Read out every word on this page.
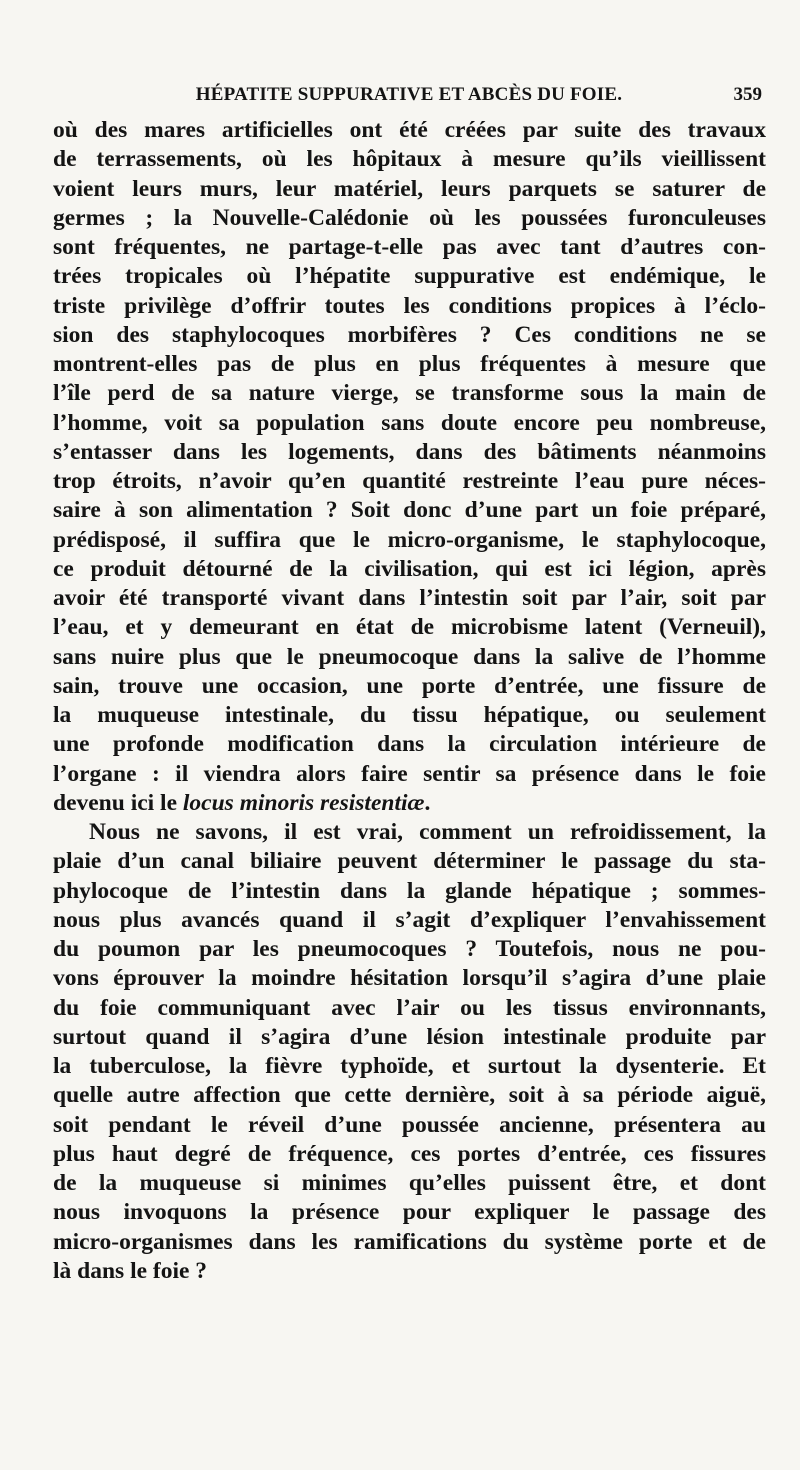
HÉPATITE SUPPURATIVE ET ABCÈS DU FOIE.	359
où des mares artificielles ont été créées par suite des travaux
de terrassements, où les hôpitaux à mesure qu’ils vieillissent
voient leurs murs, leur matériel, leurs parquets se saturer de
germes ; la Nouvelle-Calédonie où les poussées furonculeuses
sont fréquentes, ne partage-t-elle pas avec tant d’autres con-
trées tropicales où l’hépatite suppurative est endémique, le
triste privilège d’offrir toutes les conditions propices à l’éclo-
sion des staphylocoques morbifères ? Ces conditions ne se
montrent-elles pas de plus en plus fréquentes à mesure que
l’île perd de sa nature vierge, se transforme sous la main de
l’homme, voit sa population sans doute encore peu nombreuse,
s’entasser dans les logements, dans des bâtiments néanmoins
trop étroits, n’avoir qu’en quantité restreinte l’eau pure néces-
saire à son alimentation ? Soit donc d’une part un foie préparé,
prédisposé, il suffira que le micro-organisme, le staphylocoque,
ce produit détourné de la civilisation, qui est ici légion, après
avoir été transporté vivant dans l’intestin soit par l’air, soit par
l’eau, et y demeurant en état de microbisme latent (Verneuil),
sans nuire plus que le pneumocoque dans la salive de l’homme
sain, trouve une occasion, une porte d’entrée, une fissure de
la muqueuse intestinale, du tissu hépatique, ou seulement
une profonde modification dans la circulation intérieure de
l’organe : il viendra alors faire sentir sa présence dans le foie
devenu ici le locus minoris resistentiæ.
Nous ne savons, il est vrai, comment un refroidissement, la
plaie d’un canal biliaire peuvent déterminer le passage du sta-
phylocoque de l’intestin dans la glande hépatique ; sommes-
nous plus avancés quand il s’agit d’expliquer l’envahissement
du poumon par les pneumocoques ? Toutefois, nous ne pou-
vons éprouver la moindre hésitation lorsqu’il s’agira d’une plaie
du foie communiquant avec l’air ou les tissus environnants,
surtout quand il s’agira d’une lésion intestinale produite par
la tuberculose, la fièvre typhoïde, et surtout la dysenterie. Et
quelle autre affection que cette dernière, soit à sa période aiguë,
soit pendant le réveil d’une poussée ancienne, présentera au
plus haut degré de fréquence, ces portes d’entrée, ces fissures
de la muqueuse si minimes qu’elles puissent être, et dont
nous invoquons la présence pour expliquer le passage des
micro-organismes dans les ramifications du système porte et de
là dans le foie ?
